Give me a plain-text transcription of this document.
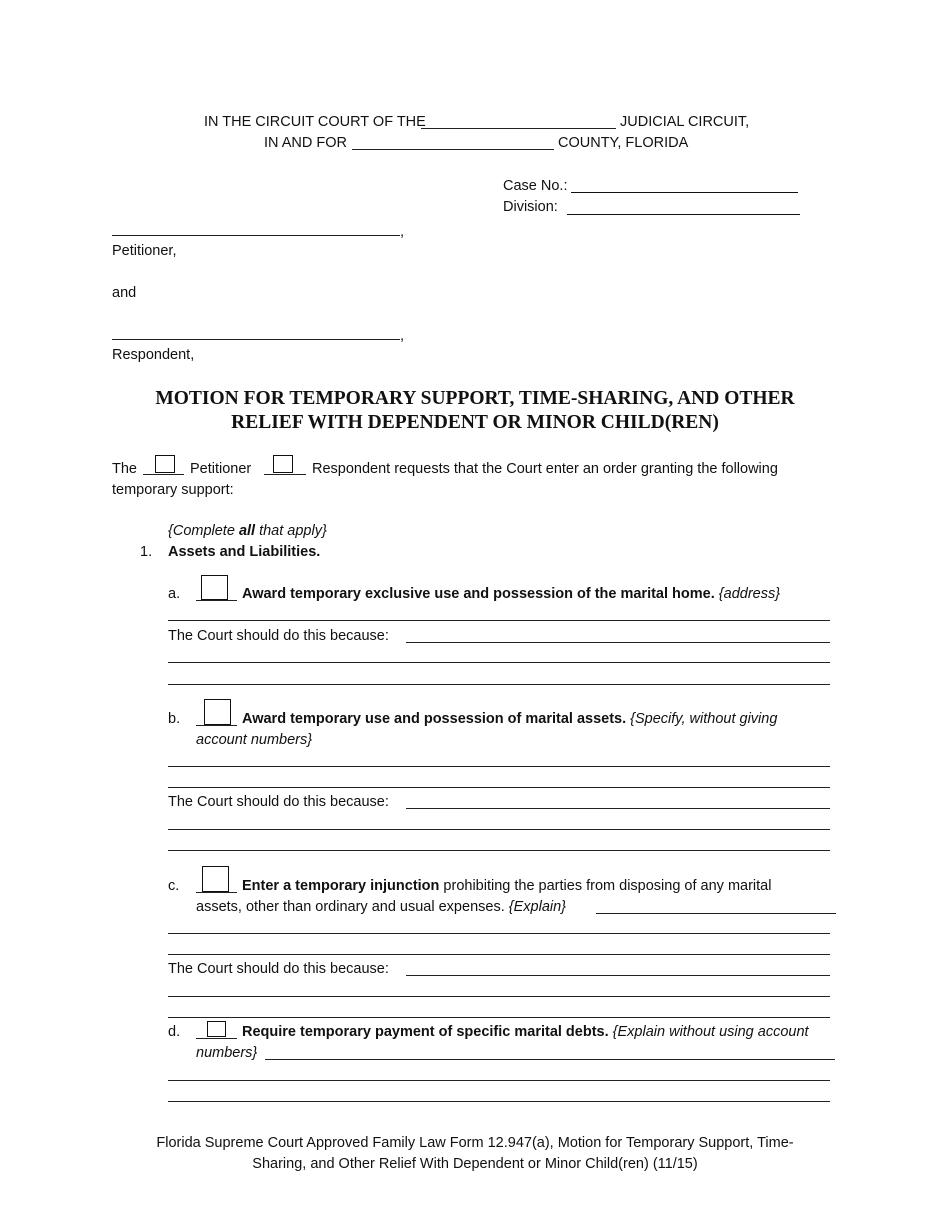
IN THE CIRCUIT COURT OF THE	JUDICIAL CIRCUIT,
IN AND FOR	COUNTY, FLORIDA
Case No.:
Division:
,
Petitioner,
and
,
Respondent,
MOTION FOR TEMPORARY SUPPORT, TIME-SHARING, AND OTHER
RELIEF WITH DEPENDENT OR MINOR CHILD(REN)
The	Petitioner	Respondent requests that the Court enter an order granting the following
temporary support:
{Complete all that apply}
1. Assets and Liabilities.
a.	Award temporary exclusive use and possession of the marital home. {address}
The Court should do this because:
b.	Award temporary use and possession of marital assets. {Specify, without giving
account numbers}
The Court should do this because:
c.	Enter a temporary injunction prohibiting the parties from disposing of any marital
assets, other than ordinary and usual expenses. {Explain}
The Court should do this because:
d.	Require temporary payment of specific marital debts. {Explain without using account
numbers}
Florida Supreme Court Approved Family Law Form 12.947(a), Motion for Temporary Support, Time-
Sharing, and Other Relief With Dependent or Minor Child(ren) (11/15)
